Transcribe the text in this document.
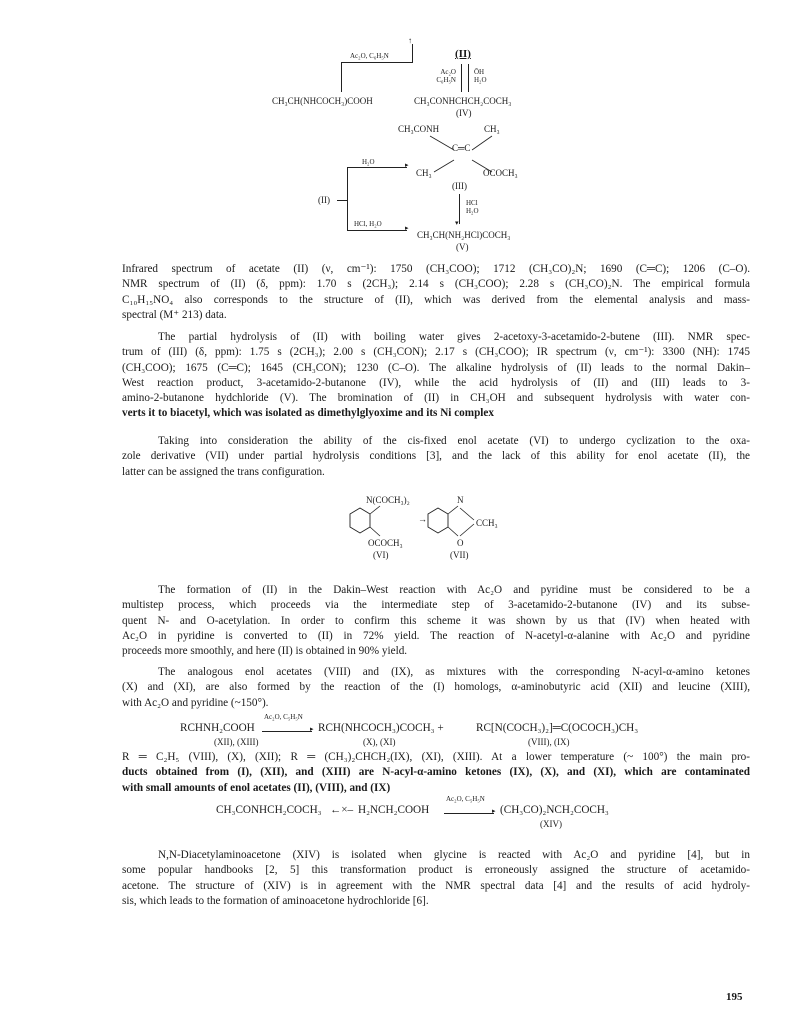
Ac₂O, C₆H₅N
↑
(II)
Ac₂O C₆H₅N
ŌH H₂O
CH₃CH(NHCOCH₃)COOH	CH₃CONHCHCH₂COCH₃
(IV)
CH₃CONH	CH₃
C═C
CH₃	OCOCH₃
(III)
H₂O	▸
(II)
▸
HCl, H₂O	▾
HCl H₂O
CH₃CH(NH₂HCl)COCH₃
(V)
Infrared spectrum of acetate (II) (ν, cm⁻¹): 1750 (CH₃COO); 1712 (CH₃CO)₂N; 1690 (C═C); 1206 (C–O).
NMR spectrum of (II) (δ, ppm): 1.70 s (2CH₃); 2.14 s (CH₃COO); 2.28 s (CH₃CO)₂N. The empirical formula
C₁₀H₁₅NO₄ also corresponds to the structure of (II), which was derived from the elemental analysis and mass-
spectral (M⁺ 213) data.
The partial hydrolysis of (II) with boiling water gives 2-acetoxy-3-acetamido-2-butene (III). NMR spec-
trum of (III) (δ, ppm): 1.75 s (2CH₃); 2.00 s (CH₃CON); 2.17 s (CH₃COO); IR spectrum (ν, cm⁻¹): 3300 (NH): 1745
(CH₃COO); 1675 (C═C); 1645 (CH₃CON); 1230 (C–O). The alkaline hydrolysis of (II) leads to the normal Dakin–
West reaction product, 3-acetamido-2-butanone (IV), while the acid hydrolysis of (II) and (III) leads to 3-
amino-2-butanone hydchloride (V). The bromination of (II) in CH₃OH and subsequent hydrolysis with water con-
verts it to biacetyl, which was isolated as dimethylglyoxime and its Ni complex
Taking into consideration the ability of the cis-fixed enol acetate (VI) to undergo cyclization to the oxa-
zole derivative (VII) under partial hydrolysis conditions [3], and the lack of this ability for enol acetate (II), the
latter can be assigned the trans configuration.
N(COCH₃)₂
OCOCH₃
(VI)
→
N
CCH₃
O
(VII)
The formation of (II) in the Dakin–West reaction with Ac₂O and pyridine must be considered to be a
multistep process, which proceeds via the intermediate step of 3-acetamido-2-butanone (IV) and its subse-
quent N- and O-acetylation. In order to confirm this scheme it was shown by us that (IV) when heated with
Ac₂O in pyridine is converted to (II) in 72% yield. The reaction of N-acetyl-α-alanine with Ac₂O and pyridine
proceeds more smoothly, and here (II) is obtained in 90% yield.
The analogous enol acetates (VIII) and (IX), as mixtures with the corresponding N-acyl-α-amino ketones
(X) and (XI), are also formed by the reaction of the (I) homologs, α-aminobutyric acid (XII) and leucine (XIII),
with Ac₂O and pyridine (~150°).
RCHNH₂COOH
Ac₂O, C₅H₅N
▸ RCH(NHCOCH₃)COCH₃ +	RC[N(COCH₃)₂]═C(OCOCH₃)CH₃
(XII), (XIII)	(X), (XI)	(VIII), (IX)
R ═ C₂H₅ (VIII), (X), (XII); R ═ (CH₃)₂CHCH₂(IX), (XI), (XIII). At a lower temperature (~ 100°) the main pro-
ducts obtained from (I), (XII), and (XIII) are N-acyl-α-amino ketones (IX), (X), and (XI), which are contaminated
with small amounts of enol acetates (II), (VIII), and (IX)
CH₃CONHCH₂COCH₃ ←×– H₂NCH₂COOH
Ac₂O, C₅H₅N
▸ (CH₃CO)₂NCH₂COCH₃
(XIV)
N,N-Diacetylaminoacetone (XIV) is isolated when glycine is reacted with Ac₂O and pyridine [4], but in
some popular handbooks [2, 5] this transformation product is erroneously assigned the structure of acetamido-
acetone. The structure of (XIV) is in agreement with the NMR spectral data [4] and the results of acid hydroly-
sis, which leads to the formation of aminoacetone hydrochloride [6].
195
